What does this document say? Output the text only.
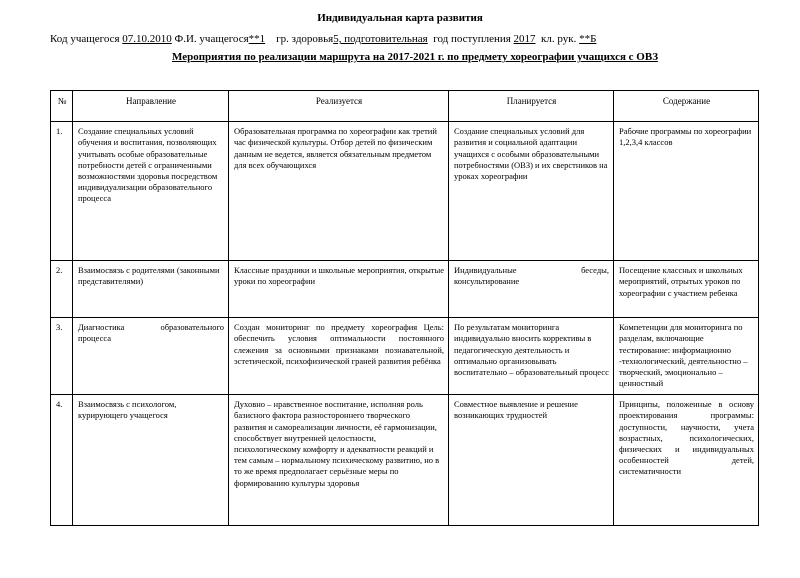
Индивидуальная карта развития
Код учащегося 07.10.2010 Ф.И. учащегося**1 гр. здоровья5, подготовительная год поступления 2017 кл. рук. **Б
Мероприятия по реализации маршрута на 2017-2021 г. по предмету хореографии учащихся с ОВЗ
№	Направление	Реализуется	Планируется	Содержание
1.	Создание специальных условий обучения и воспитания, позволяющих учитывать особые образовательные потребности детей с ограниченными возможностями здоровья посредством индивидуализации образовательного процесса	Образовательная программа по хореографии как третий час физической культуры. Отбор детей по физическим данным не ведется, является обязательным предметом для всех обучающихся	Создание специальных условий для развития и социальной адаптации учащихся с особыми образовательными потребностями (ОВЗ) и их сверстников на уроках хореографии	Рабочие программы по хореографии 1,2,3,4 классов
2.	Взаимосвязь с родителями (законными представителями)	Классные праздники и школьные мероприятия, открытые уроки по хореографии	Индивидуальные беседы, консультирование	Посещение классных и школьных мероприятий, отрытых уроков по хореографии с участием ребенка
3.	Диагностика образовательного процесса	Создан мониторинг по предмету хореография Цель: обеспечить условия оптимальности постоянного слежения за основными признаками познавательной, эстетической, психофизической граней развития ребёнка	По результатам мониторинга индивидуально вносить коррективы в педагогическую деятельность и оптимально организовывать воспитательно – образовательный процесс	Компетенции для мониторинга по разделам, включающие тестирование: информационно -технологический, деятельностно – творческий, эмоционально – ценностный
4.	Взаимосвязь с психологом, курирующего учащегося	Духовно – нравственное воспитание, исполняя роль базисного фактора разностороннего творческого развития и самореализации личности, её гармонизации, способствует внутренней целостности, психологическому комфорту и адекватности реакций и тем самым – нормальному психическому развитию, но в то же время предполагает серьёзные меры по формированию культуры здоровья	Совместное выявление и решение возникающих трудностей	Принципы, положенные в основу проектирования программы: доступности, научности, учета возрастных, психологических, физических и индивидуальных особенностей детей, систематичности
